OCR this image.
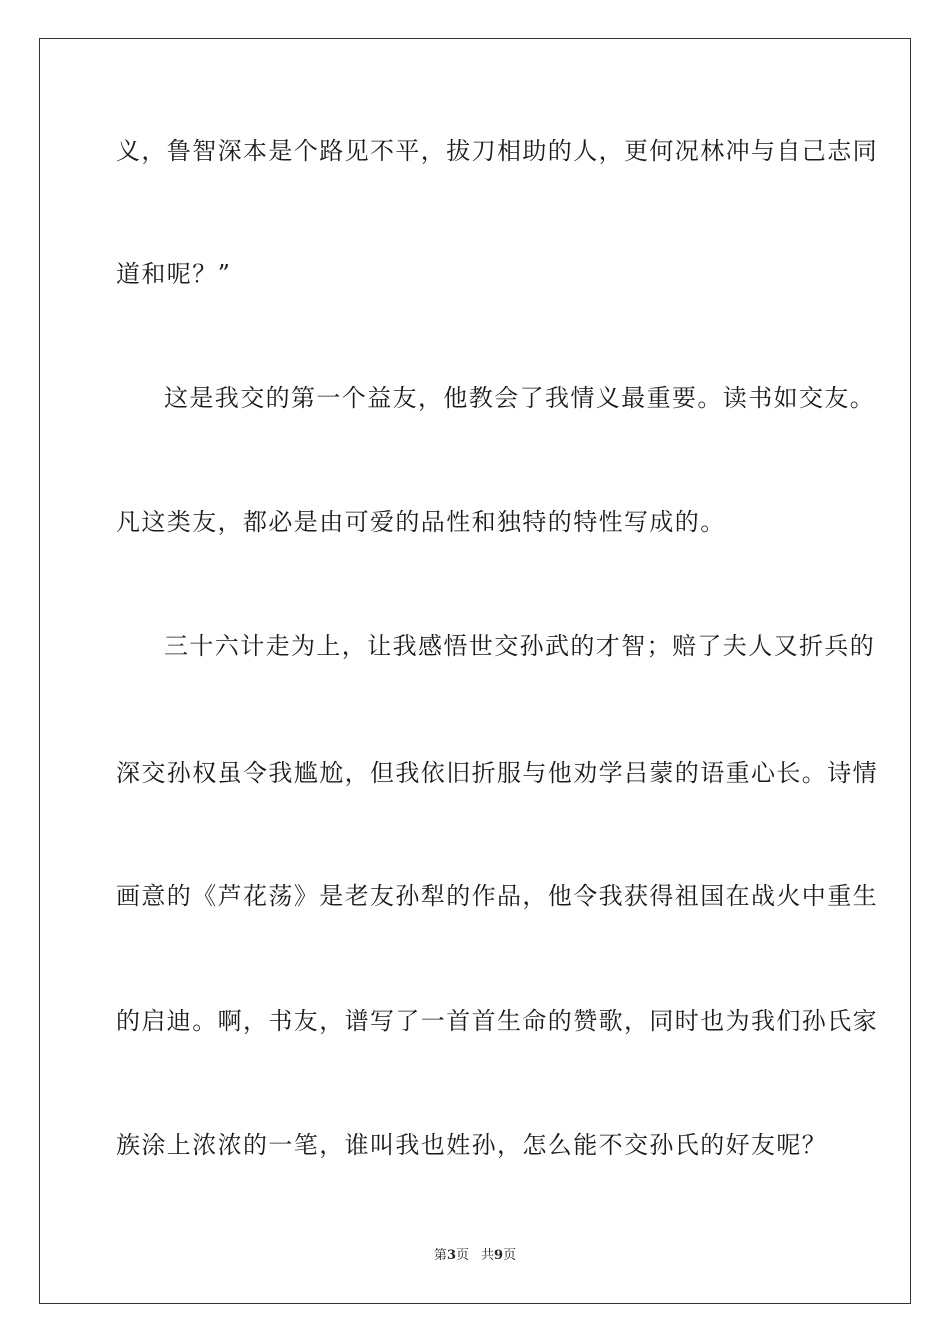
义，鲁智深本是个路见不平，拔刀相助的人，更何况林冲与自己志同
道和呢？”
这是我交的第一个益友，他教会了我情义最重要。读书如交友。
凡这类友，都必是由可爱的品性和独特的特性写成的。
三十六计走为上，让我感悟世交孙武的才智；赔了夫人又折兵的
深交孙权虽令我尴尬，但我依旧折服与他劝学吕蒙的语重心长。诗情
画意的《芦花荡》是老友孙犁的作品，他令我获得祖国在战火中重生
的启迪。啊，书友，谱写了一首首生命的赞歌，同时也为我们孙氏家
族涂上浓浓的一笔，谁叫我也姓孙，怎么能不交孙氏的好友呢？
第3页 共9页
